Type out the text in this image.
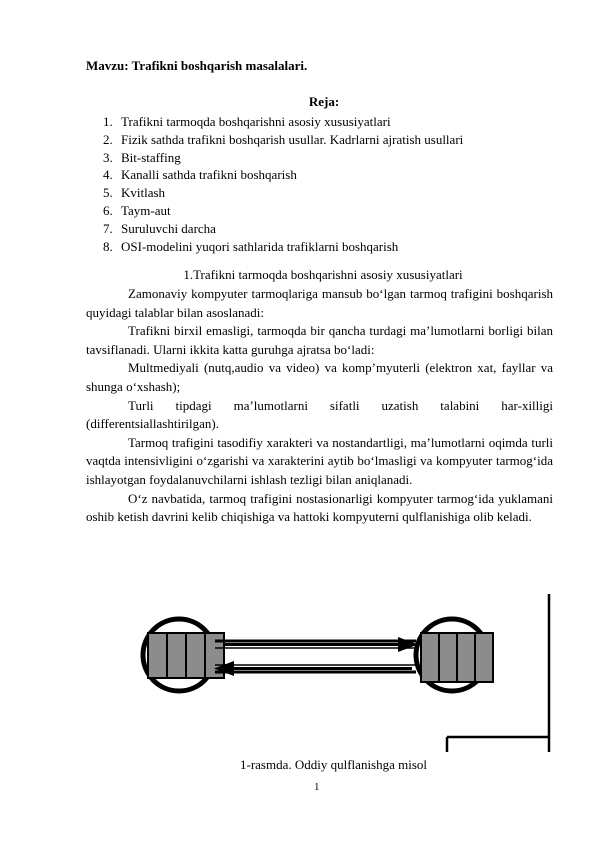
Mavzu: Trafikni boshqarish masalalari.
Reja:
1. Trafikni tarmoqda boshqarishni asosiy xususiyatlari
2. Fizik sathda trafikni boshqarish usullar. Kadrlarni ajratish usullari
3. Bit-staffing
4. Kanalli sathda trafikni boshqarish
5. Kvitlash
6. Taym-aut
7. Suruluvchi darcha
8. OSI-modelini yuqori sathlarida trafiklarni boshqarish
1.Trafikni tarmoqda boshqarishni asosiy xususiyatlari

Zamonaviy kompyuter tarmoqlariga mansub bo‘lgan tarmoq trafigini boshqarish quyidagi talablar bilan asoslanadi:

Trafikni birxil emasligi, tarmoqda bir qancha turdagi ma’lumotlarni borligi bilan tavsiflanadi. Ularni ikkita katta guruhga ajratsa bo‘ladi:

Multmediyali (nutq,audio va video) va komp’myuterli (elektron xat, fayllar va shunga o‘xshash);

Turli tipdagi ma’lumotlarni sifatli uzatish talabini har-xilligi (differentsiallashtirilgan).

Tarmoq trafigini tasodifiy xarakteri va nostandartligi, ma’lumotlarni oqimda turli vaqtda intensivligini o‘zgarishi va xarakterini aytib bo‘lmasligi va kompyuter tarmog‘ida ishlayotgan foydalanuvchilarni ishlash tezligi bilan aniqlanadi.

O‘z navbatida, tarmoq trafigini nostasionarligi kompyuter tarmog‘ida yuklamani oshib ketish davrini kelib chiqishiga va hattoki kompyuterni qulflanishiga olib keladi.

1-rasmda. Oddiy qulflanishga misol
1
